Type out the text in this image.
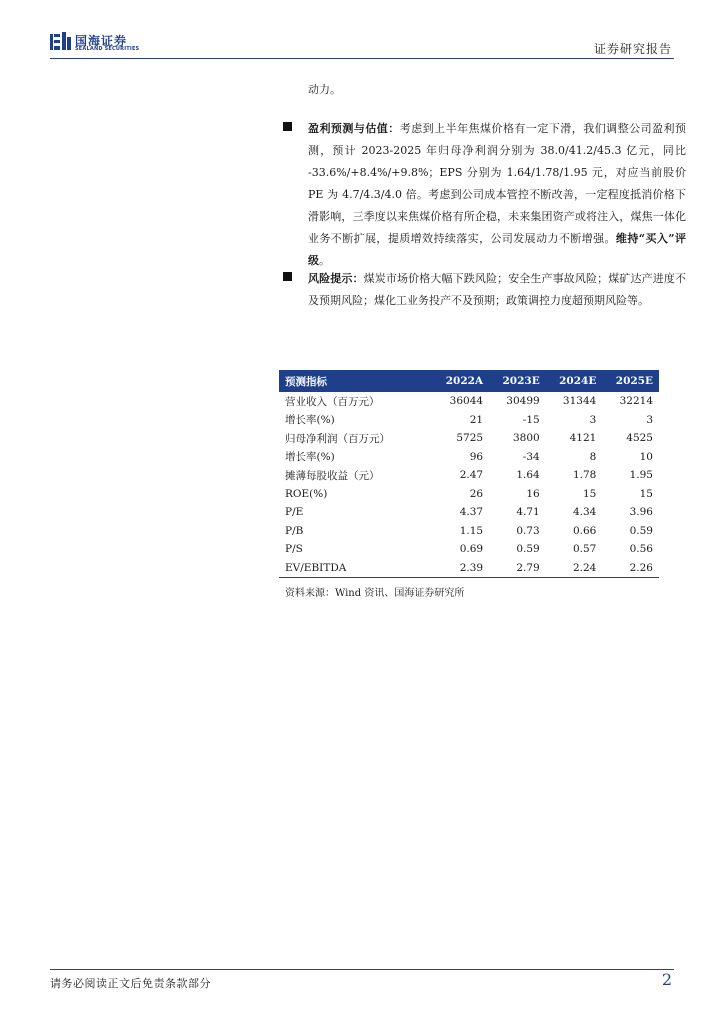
国海证券
SEALAND SECURITIES	证券研究报告
动力。
盈利预测与估值：考虑到上半年焦煤价格有一定下滑，我们调整公司盈利预测，预计 2023-2025 年归母净利润分别为 38.0/41.2/45.3 亿元，同比 -33.6%/+8.4%/+9.8%；EPS 分别为 1.64/1.78/1.95 元，对应当前股价 PE 为 4.7/4.3/4.0 倍。考虑到公司成本管控不断改善，一定程度抵消价格下滑影响，三季度以来焦煤价格有所企稳，未来集团资产或将注入，煤焦一体化业务不断扩展，提质增效持续落实，公司发展动力不断增强。维持“买入”评级。
风险提示：煤炭市场价格大幅下跌风险；安全生产事故风险；煤矿达产进度不及预期风险；煤化工业务投产不及预期；政策调控力度超预期风险等。
预测指标	2022A	2023E	2024E	2025E
营业收入（百万元）	36044	30499	31344	32214
增长率(%)	21	-15	3	3
归母净利润（百万元）	5725	3800	4121	4525
增长率(%)	96	-34	8	10
摊薄每股收益（元）	2.47	1.64	1.78	1.95
ROE(%)	26	16	15	15
P/E	4.37	4.71	4.34	3.96
P/B	1.15	0.73	0.66	0.59
P/S	0.69	0.59	0.57	0.56
EV/EBITDA	2.39	2.79	2.24	2.26
资料来源：Wind 资讯、国海证券研究所
请务必阅读正文后免责条款部分	2
